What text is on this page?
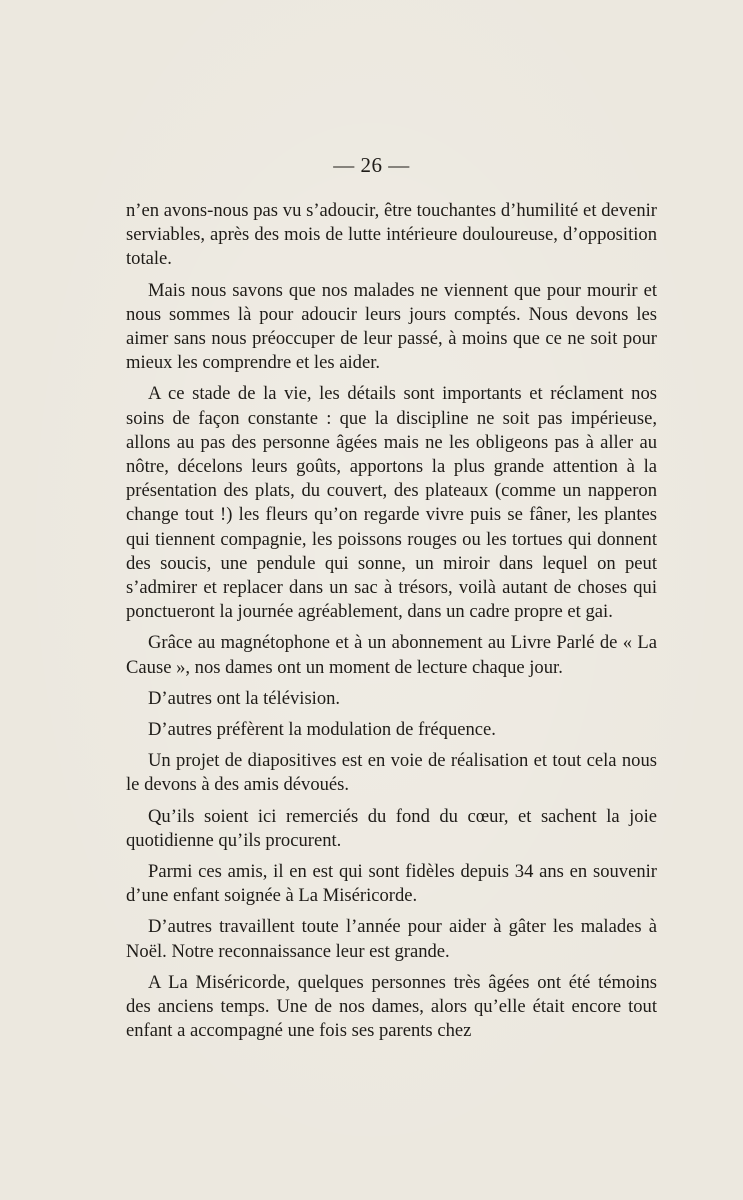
— 26 —

n’en avons-nous pas vu s’adoucir, être touchantes d’humilité et devenir serviables, après des mois de lutte intérieure douloureuse, d’opposition totale.

Mais nous savons que nos malades ne viennent que pour mourir et nous sommes là pour adoucir leurs jours comptés. Nous devons les aimer sans nous préoccuper de leur passé, à moins que ce ne soit pour mieux les comprendre et les aider.

A ce stade de la vie, les détails sont importants et réclament nos soins de façon constante : que la discipline ne soit pas impérieuse, allons au pas des personne âgées mais ne les obligeons pas à aller au nôtre, décelons leurs goûts, apportons la plus grande attention à la présentation des plats, du couvert, des plateaux (comme un napperon change tout !) les fleurs qu’on regarde vivre puis se fâner, les plantes qui tiennent compagnie, les poissons rouges ou les tortues qui donnent des soucis, une pendule qui sonne, un miroir dans lequel on peut s’admirer et replacer dans un sac à trésors, voilà autant de choses qui ponctueront la journée agréablement, dans un cadre propre et gai.

Grâce au magnétophone et à un abonnement au Livre Parlé de « La Cause », nos dames ont un moment de lecture chaque jour.

D’autres ont la télévision.

D’autres préfèrent la modulation de fréquence.

Un projet de diapositives est en voie de réalisation et tout cela nous le devons à des amis dévoués.

Qu’ils soient ici remerciés du fond du cœur, et sachent la joie quotidienne qu’ils procurent.

Parmi ces amis, il en est qui sont fidèles depuis 34 ans en souvenir d’une enfant soignée à La Miséricorde.

D’autres travaillent toute l’année pour aider à gâter les malades à Noël. Notre reconnaissance leur est grande.

A La Miséricorde, quelques personnes très âgées ont été témoins des anciens temps. Une de nos dames, alors qu’elle était encore tout enfant a accompagné une fois ses parents chez
